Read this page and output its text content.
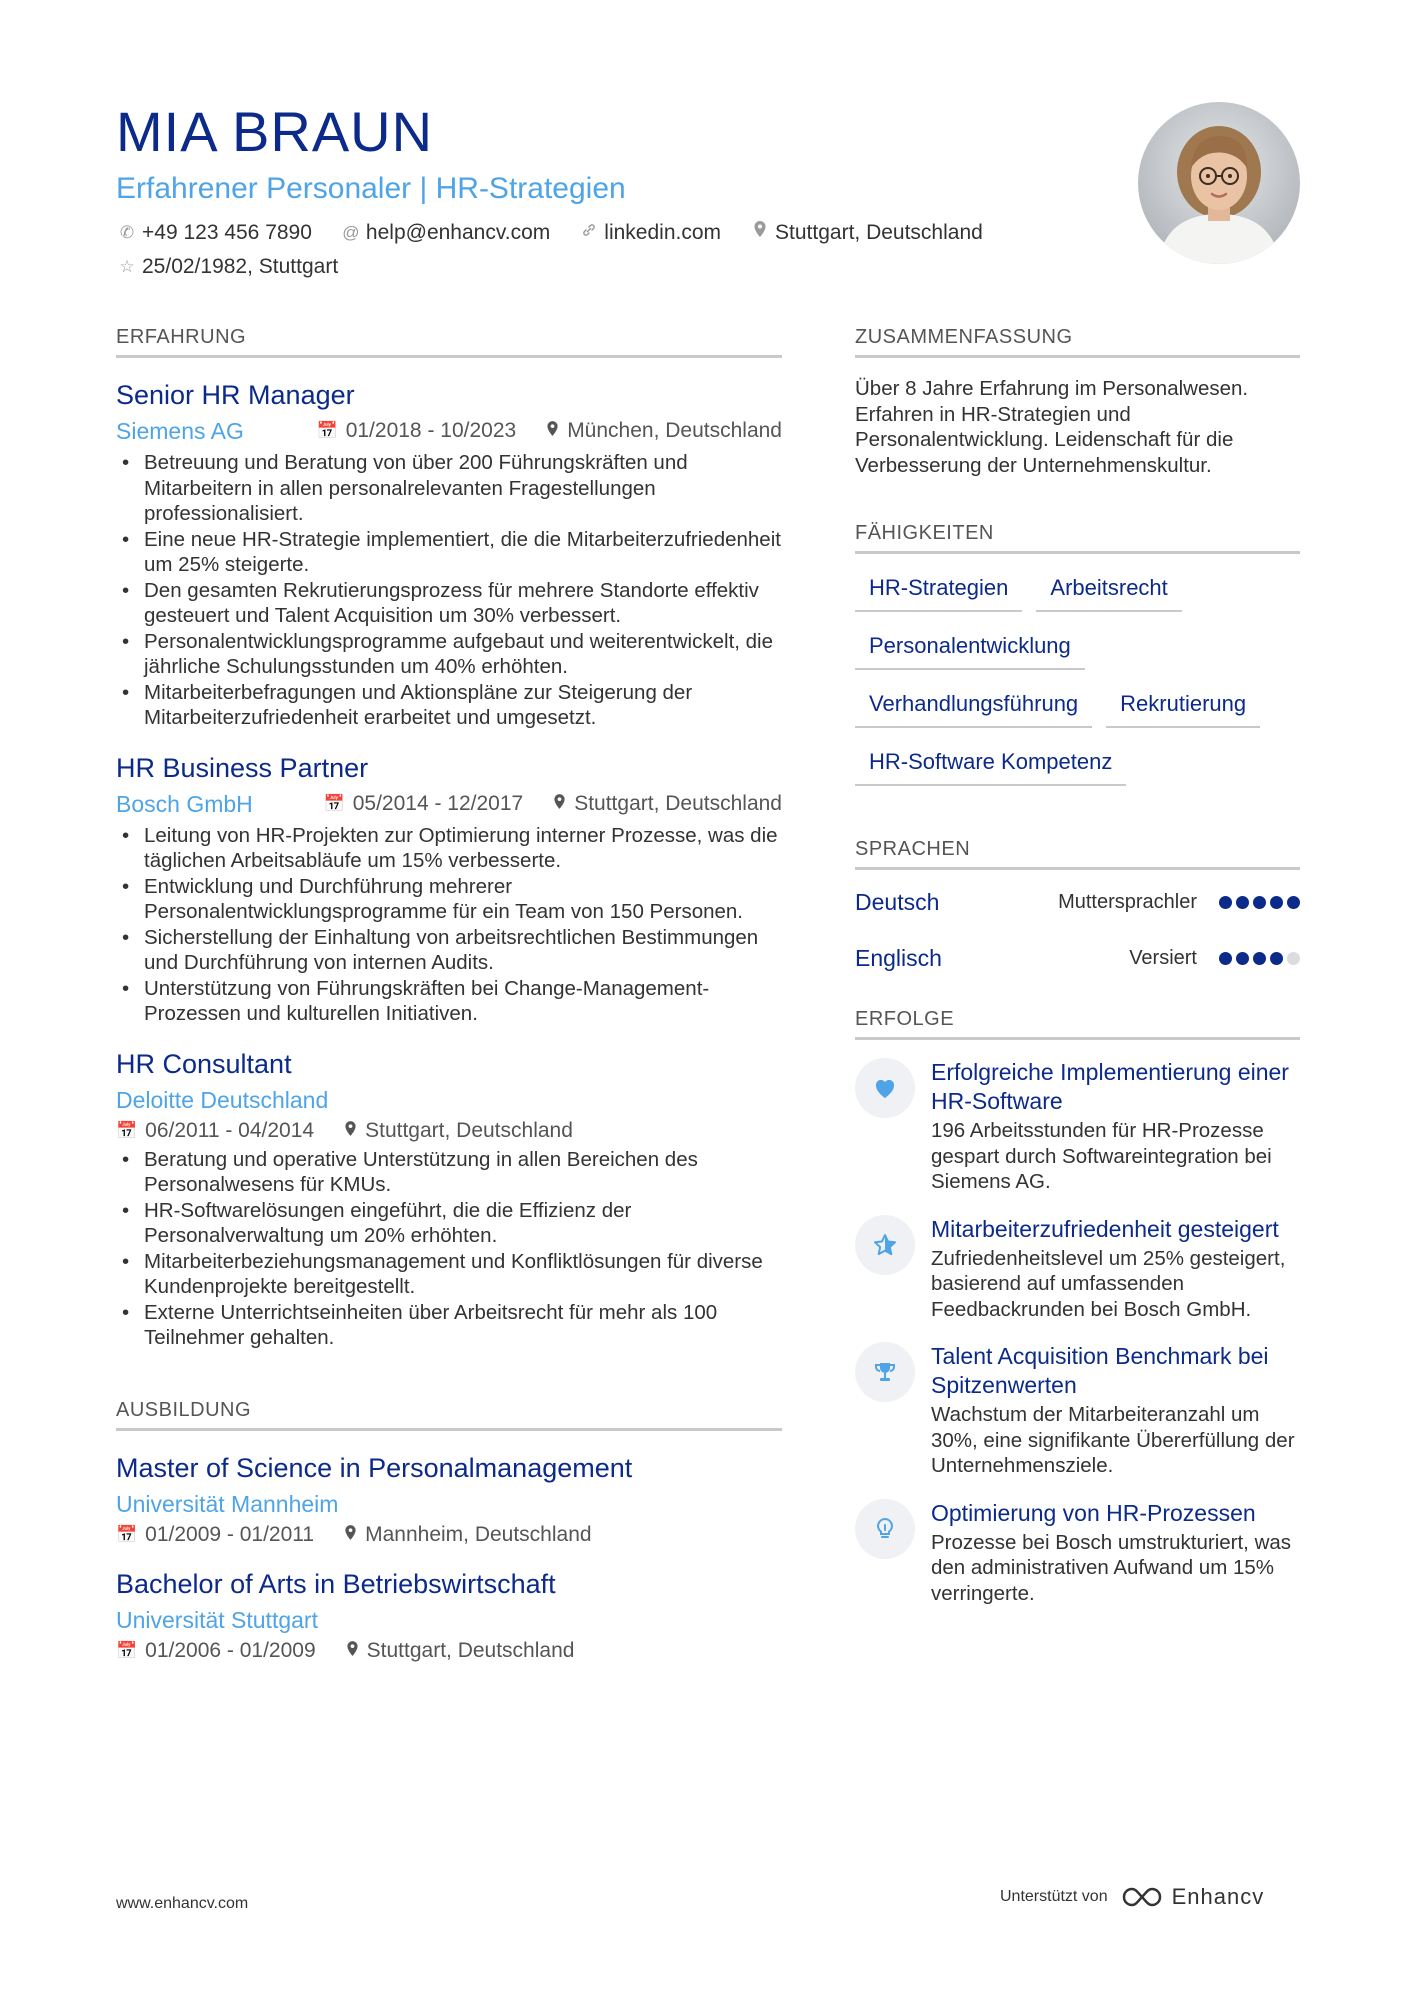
MIA BRAUN
Erfahrener Personaler | HR-Strategien
✆ +49 123 456 7890 @ help@enhancv.com	linkedin.com	Stuttgart, Deutschland
☆ 25/02/1982, Stuttgart
ERFAHRUNG
Senior HR Manager
Siemens AG	📅 01/2018 - 10/2023 München, Deutschland
• Betreuung und Beratung von über 200 Führungskräften und Mitarbeitern in allen personalrelevanten Fragestellungen professionalisiert.
• Eine neue HR-Strategie implementiert, die die Mitarbeiterzufriedenheit um 25% steigerte.
• Den gesamten Rekrutierungsprozess für mehrere Standorte effektiv gesteuert und Talent Acquisition um 30% verbessert.
• Personalentwicklungsprogramme aufgebaut und weiterentwickelt, die jährliche Schulungsstunden um 40% erhöhten.
• Mitarbeiterbefragungen und Aktionspläne zur Steigerung der Mitarbeiterzufriedenheit erarbeitet und umgesetzt.
HR Business Partner
Bosch GmbH	📅 05/2014 - 12/2017 Stuttgart, Deutschland
• Leitung von HR-Projekten zur Optimierung interner Prozesse, was die täglichen Arbeitsabläufe um 15% verbesserte.
• Entwicklung und Durchführung mehrerer Personalentwicklungsprogramme für ein Team von 150 Personen.
• Sicherstellung der Einhaltung von arbeitsrechtlichen Bestimmungen und Durchführung von internen Audits.
• Unterstützung von Führungskräften bei Change-Management-Prozessen und kulturellen Initiativen.
HR Consultant
Deloitte Deutschland
📅 06/2011 - 04/2014 Stuttgart, Deutschland
• Beratung und operative Unterstützung in allen Bereichen des Personalwesens für KMUs.
• HR-Softwarelösungen eingeführt, die die Effizienz der Personalverwaltung um 20% erhöhten.
• Mitarbeiterbeziehungsmanagement und Konfliktlösungen für diverse Kundenprojekte bereitgestellt.
• Externe Unterrichtseinheiten über Arbeitsrecht für mehr als 100 Teilnehmer gehalten.
AUSBILDUNG
Master of Science in Personalmanagement
Universität Mannheim
📅 01/2009 - 01/2011 Mannheim, Deutschland
Bachelor of Arts in Betriebswirtschaft
Universität Stuttgart
📅 01/2006 - 01/2009 Stuttgart, Deutschland
ZUSAMMENFASSUNG
Über 8 Jahre Erfahrung im Personalwesen. Erfahren in HR-Strategien und Personalentwicklung. Leidenschaft für die Verbesserung der Unternehmenskultur.
FÄHIGKEITEN
HR-Strategien	Arbeitsrecht
Personalentwicklung
Verhandlungsführung	Rekrutierung
HR-Software Kompetenz
SPRACHEN
Deutsch	Muttersprachler
Englisch	Versiert
ERFOLGE
Erfolgreiche Implementierung einer HR-Software
196 Arbeitsstunden für HR-Prozesse gespart durch Softwareintegration bei Siemens AG.
Mitarbeiterzufriedenheit gesteigert
Zufriedenheitslevel um 25% gesteigert, basierend auf umfassenden Feedbackrunden bei Bosch GmbH.
Talent Acquisition Benchmark bei Spitzenwerten
Wachstum der Mitarbeiteranzahl um 30%, eine signifikante Übererfüllung der Unternehmensziele.
Optimierung von HR-Prozessen
Prozesse bei Bosch umstrukturiert, was den administrativen Aufwand um 15% verringerte.
www.enhancv.com	Unterstützt von	Enhancv
